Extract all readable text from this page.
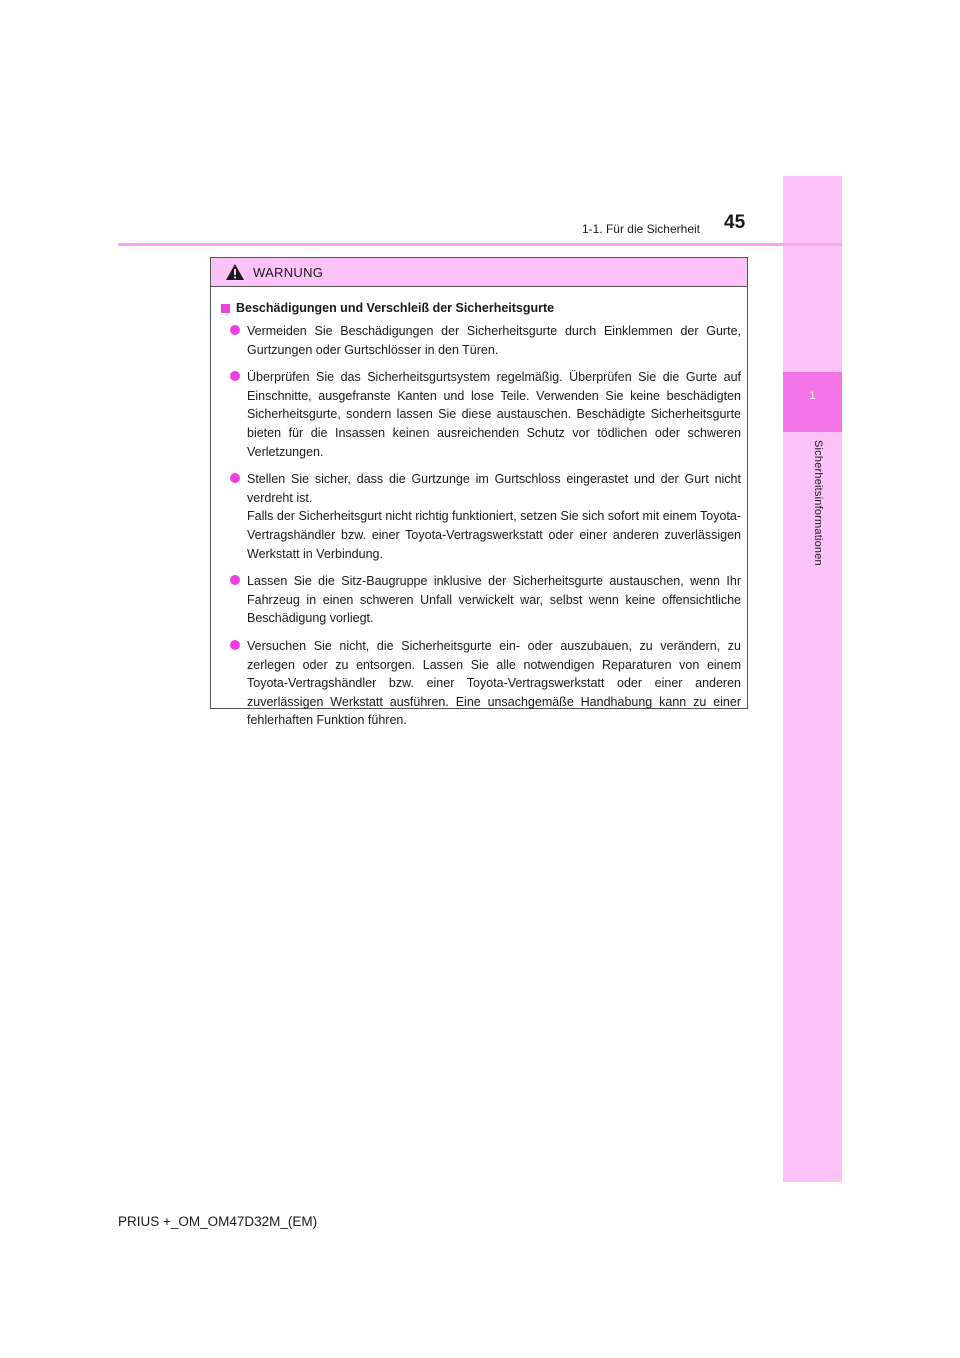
1
Sicherheitsinformationen
1-1. Für die Sicherheit 45
WARNUNG
Beschädigungen und Verschleiß der Sicherheitsgurte

Vermeiden Sie Beschädigungen der Sicherheitsgurte durch Einklemmen der Gurte, Gurtzungen oder Gurtschlösser in den Türen.

Überprüfen Sie das Sicherheitsgurtsystem regelmäßig. Überprüfen Sie die Gurte auf Einschnitte, ausgefranste Kanten und lose Teile. Verwenden Sie keine beschädigten Sicherheitsgurte, sondern lassen Sie diese austauschen. Beschädigte Sicherheitsgurte bieten für die Insassen keinen ausreichenden Schutz vor tödlichen oder schweren Verletzungen.

Stellen Sie sicher, dass die Gurtzunge im Gurtschloss eingerastet und der Gurt nicht verdreht ist.

Falls der Sicherheitsgurt nicht richtig funktioniert, setzen Sie sich sofort mit einem Toyota-Vertragshändler bzw. einer Toyota-Vertragswerkstatt oder einer anderen zuverlässigen Werkstatt in Verbindung.

Lassen Sie die Sitz-Baugruppe inklusive der Sicherheitsgurte austauschen, wenn Ihr Fahrzeug in einen schweren Unfall verwickelt war, selbst wenn keine offensichtliche Beschädigung vorliegt.

Versuchen Sie nicht, die Sicherheitsgurte ein- oder auszubauen, zu verändern, zu zerlegen oder zu entsorgen. Lassen Sie alle notwendigen Reparaturen von einem Toyota-Vertragshändler bzw. einer Toyota-Vertragswerkstatt oder einer anderen zuverlässigen Werkstatt ausführen. Eine unsachgemäße Handhabung kann zu einer fehlerhaften Funktion führen.

PRIUS +_OM_OM47D32M_(EM)
